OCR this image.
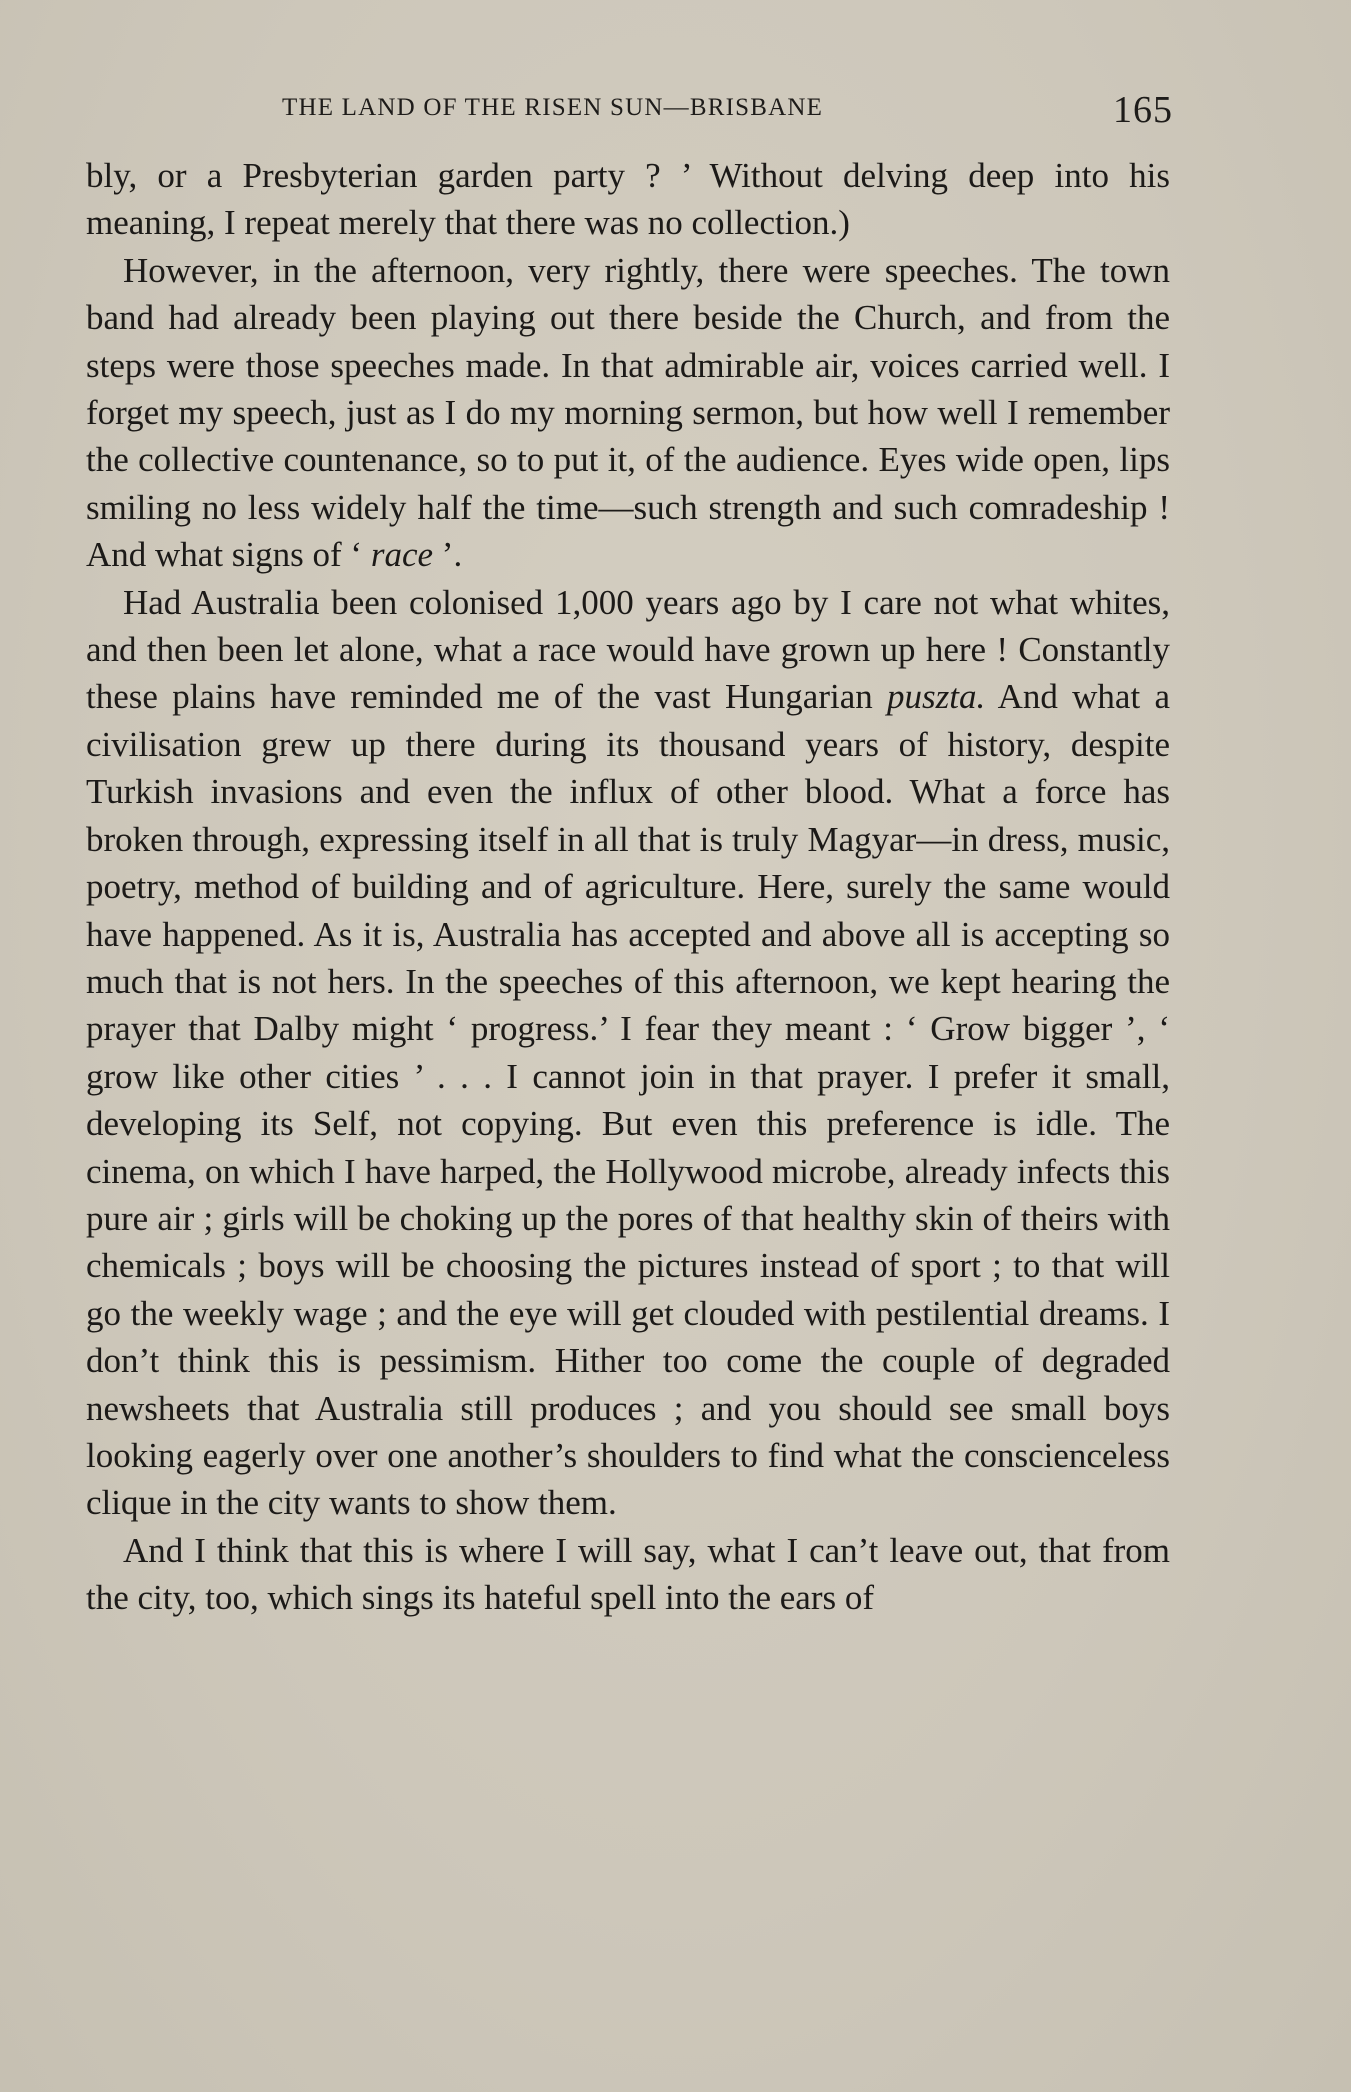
THE LAND OF THE RISEN SUN—BRISBANE	165

bly, or a Presbyterian garden party ? ’ Without delving deep into his meaning, I repeat merely that there was no collection.)

However, in the afternoon, very rightly, there were speeches. The town band had already been playing out there beside the Church, and from the steps were those speeches made. In that admirable air, voices carried well. I forget my speech, just as I do my morning sermon, but how well I remember the collective countenance, so to put it, of the audience. Eyes wide open, lips smiling no less widely half the time—such strength and such comradeship ! And what signs of ‘ race ’.

Had Australia been colonised 1,000 years ago by I care not what whites, and then been let alone, what a race would have grown up here ! Constantly these plains have reminded me of the vast Hungarian puszta. And what a civilisation grew up there during its thousand years of history, despite Turkish invasions and even the influx of other blood. What a force has broken through, expressing itself in all that is truly Magyar—in dress, music, poetry, method of building and of agriculture. Here, surely the same would have happened. As it is, Australia has accepted and above all is accepting so much that is not hers. In the speeches of this afternoon, we kept hearing the prayer that Dalby might ‘ progress.’ I fear they meant : ‘ Grow bigger ’, ‘ grow like other cities ’ . . . I cannot join in that prayer. I prefer it small, developing its Self, not copying. But even this preference is idle. The cinema, on which I have harped, the Hollywood microbe, already infects this pure air ; girls will be choking up the pores of that healthy skin of theirs with chemicals ; boys will be choosing the pictures instead of sport ; to that will go the weekly wage ; and the eye will get clouded with pestilential dreams. I don’t think this is pessimism. Hither too come the couple of degraded newsheets that Australia still produces ; and you should see small boys looking eagerly over one another’s shoulders to find what the conscienceless clique in the city wants to show them.

And I think that this is where I will say, what I can’t leave out, that from the city, too, which sings its hateful spell into the ears of
